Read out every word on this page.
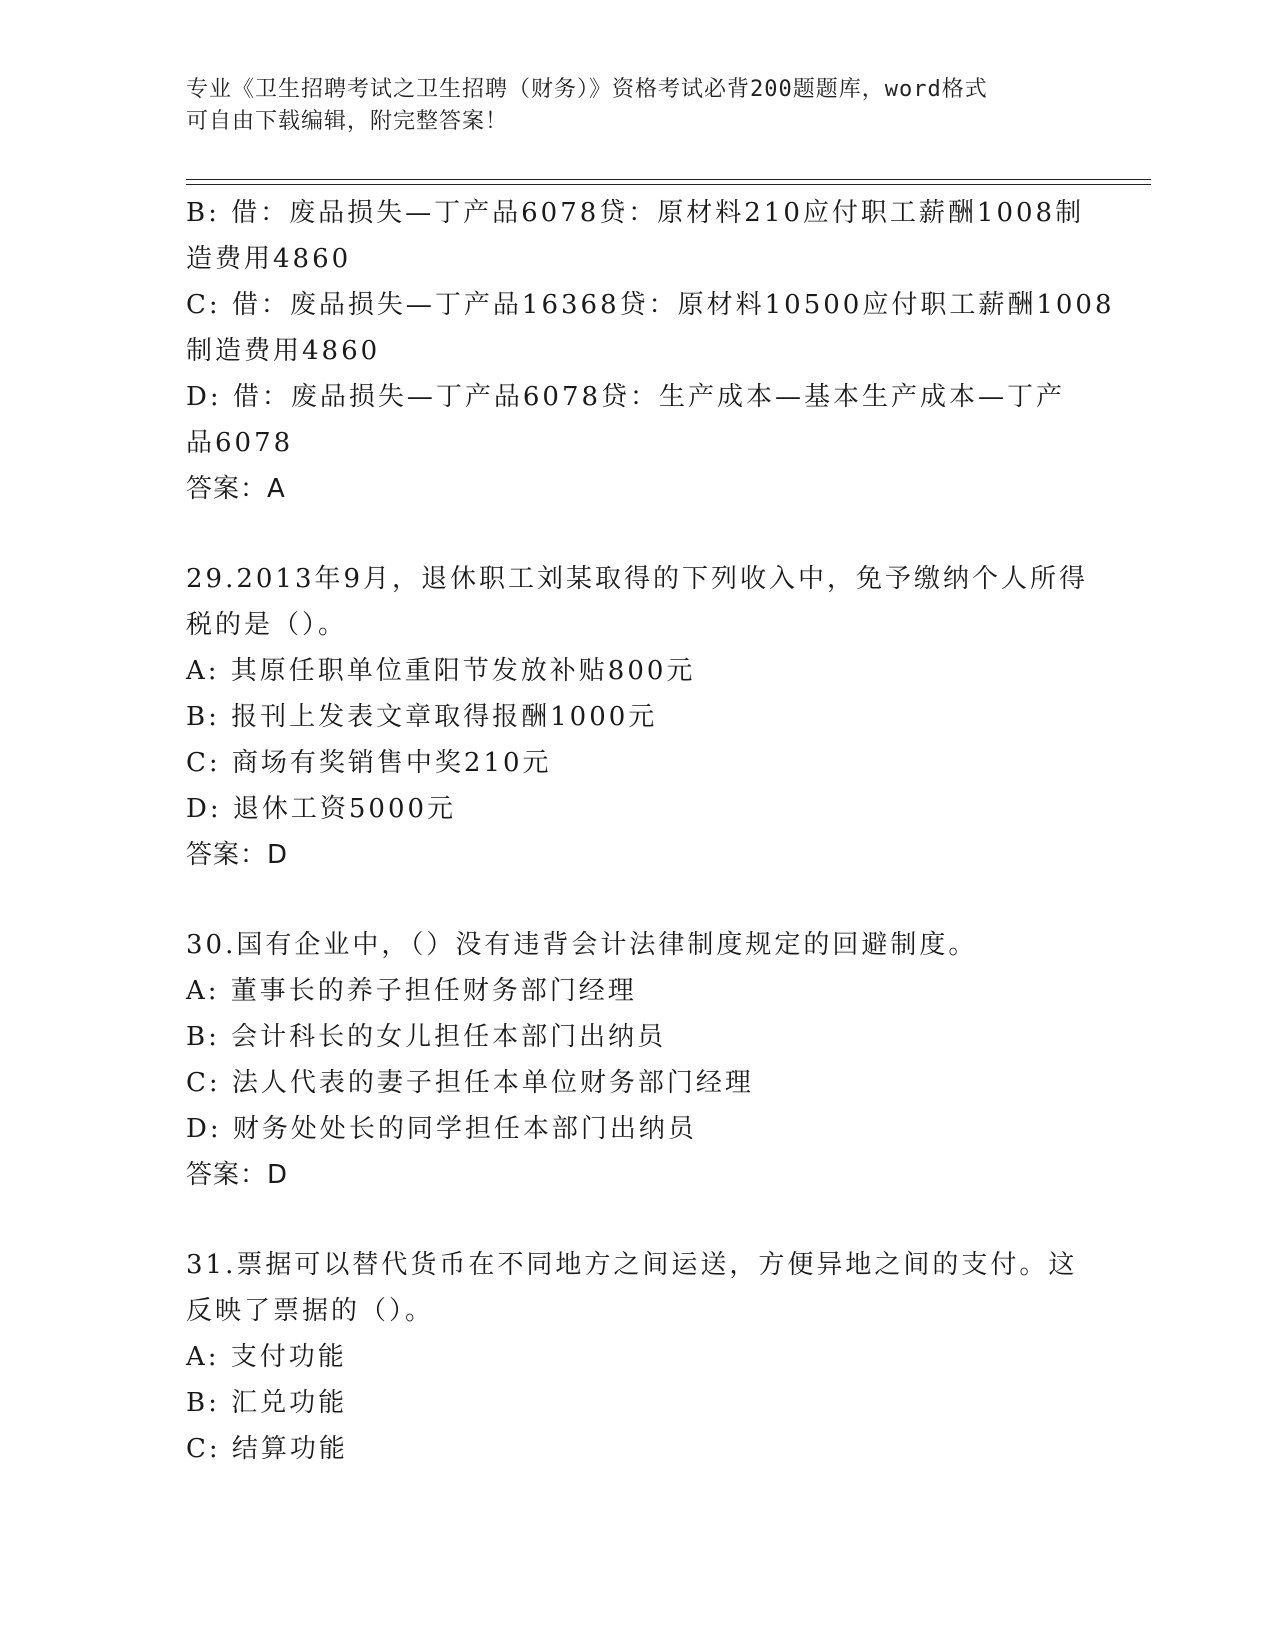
专业《卫生招聘考试之卫生招聘（财务）》资格考试必背200题题库，word格式
可自由下载编辑，附完整答案！
B: 借：废品损失—丁产品6078贷：原材料210应付职工薪酬1008制
造费用4860
C: 借：废品损失—丁产品16368贷：原材料10500应付职工薪酬1008
制造费用4860
D: 借：废品损失—丁产品6078贷：生产成本—基本生产成本—丁产
品6078
答案：A
29.2013年9月，退休职工刘某取得的下列收入中，免予缴纳个人所得
税的是（）。
A: 其原任职单位重阳节发放补贴800元
B: 报刊上发表文章取得报酬1000元
C: 商场有奖销售中奖210元
D: 退休工资5000元
答案：D
30.国有企业中，（）没有违背会计法律制度规定的回避制度。
A: 董事长的养子担任财务部门经理
B: 会计科长的女儿担任本部门出纳员
C: 法人代表的妻子担任本单位财务部门经理
D: 财务处处长的同学担任本部门出纳员
答案：D
31.票据可以替代货币在不同地方之间运送，方便异地之间的支付。这
反映了票据的（）。
A: 支付功能
B: 汇兑功能
C: 结算功能
